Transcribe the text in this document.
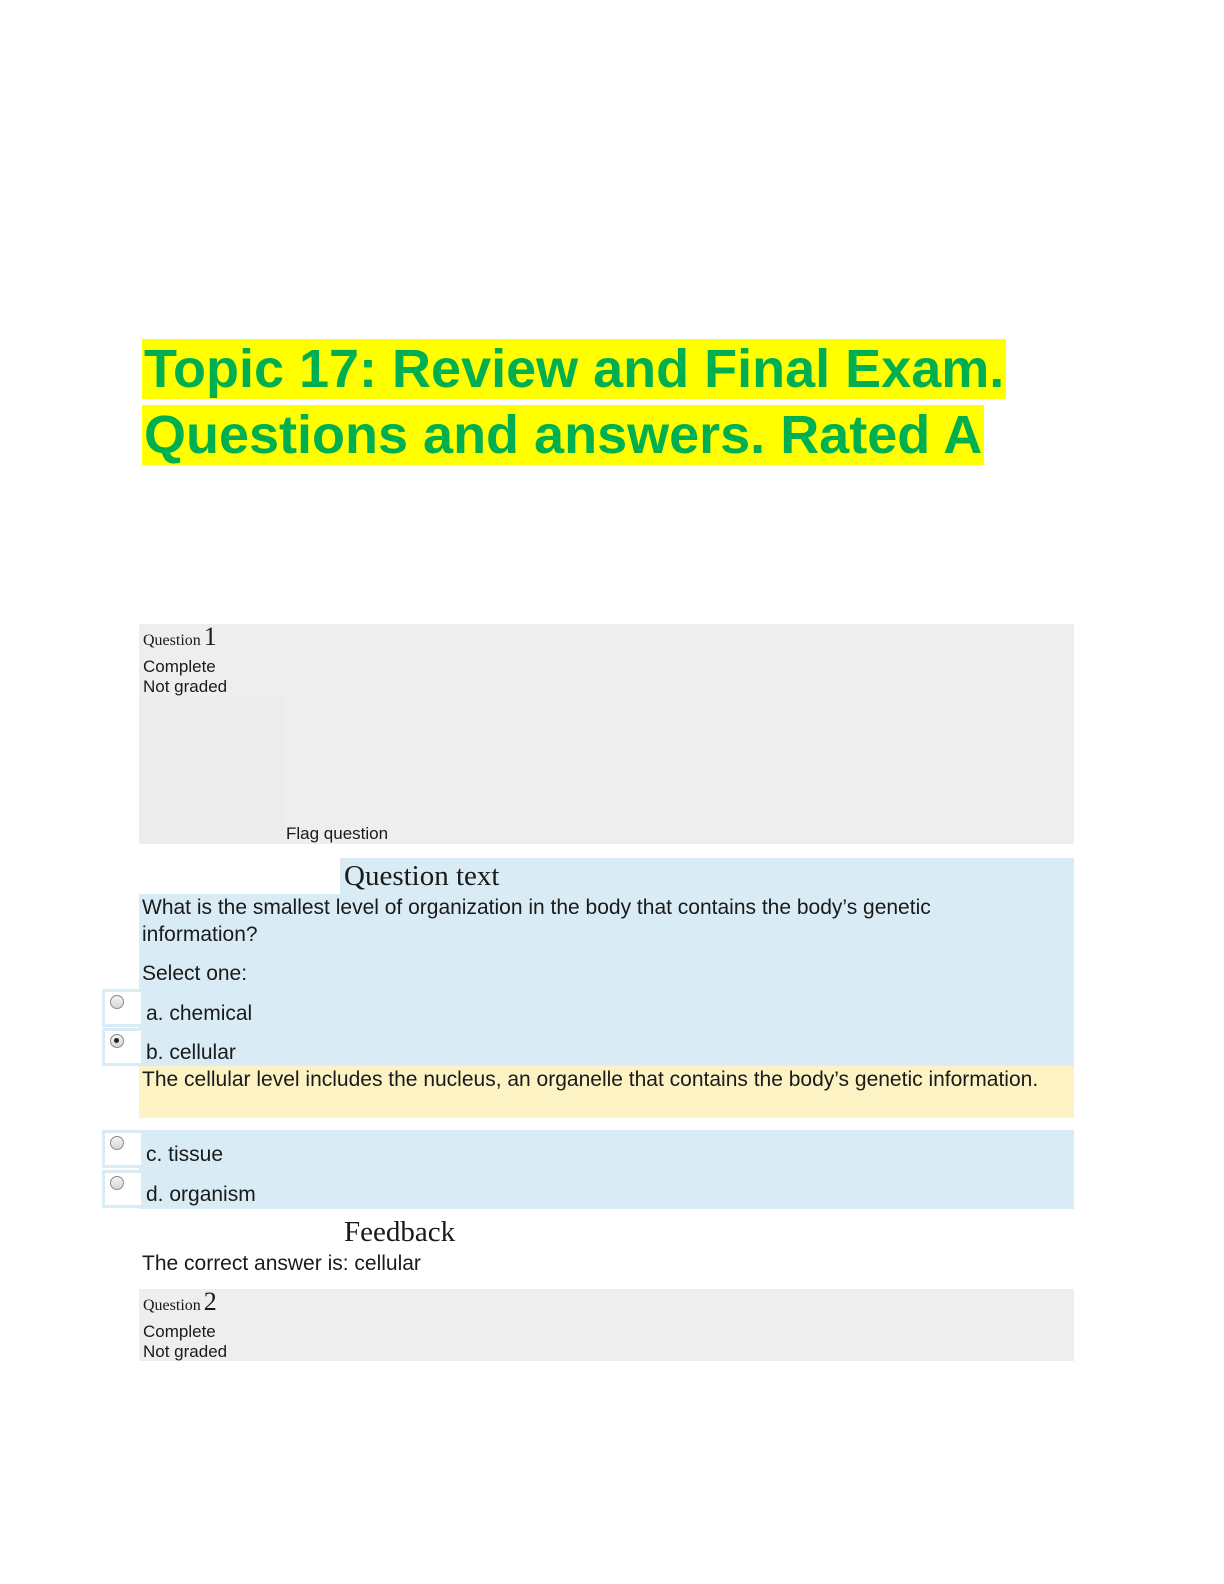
Topic 17: Review and Final Exam.
Questions and answers. Rated A
Question 1
Complete
Not graded
Flag question
Question text
What is the smallest level of organization in the body that contains the body’s genetic information?
Select one:
a. chemical
b. cellular
The cellular level includes the nucleus, an organelle that contains the body’s genetic information.
c. tissue
d. organism
Feedback
The correct answer is: cellular
Question 2
Complete
Not graded
